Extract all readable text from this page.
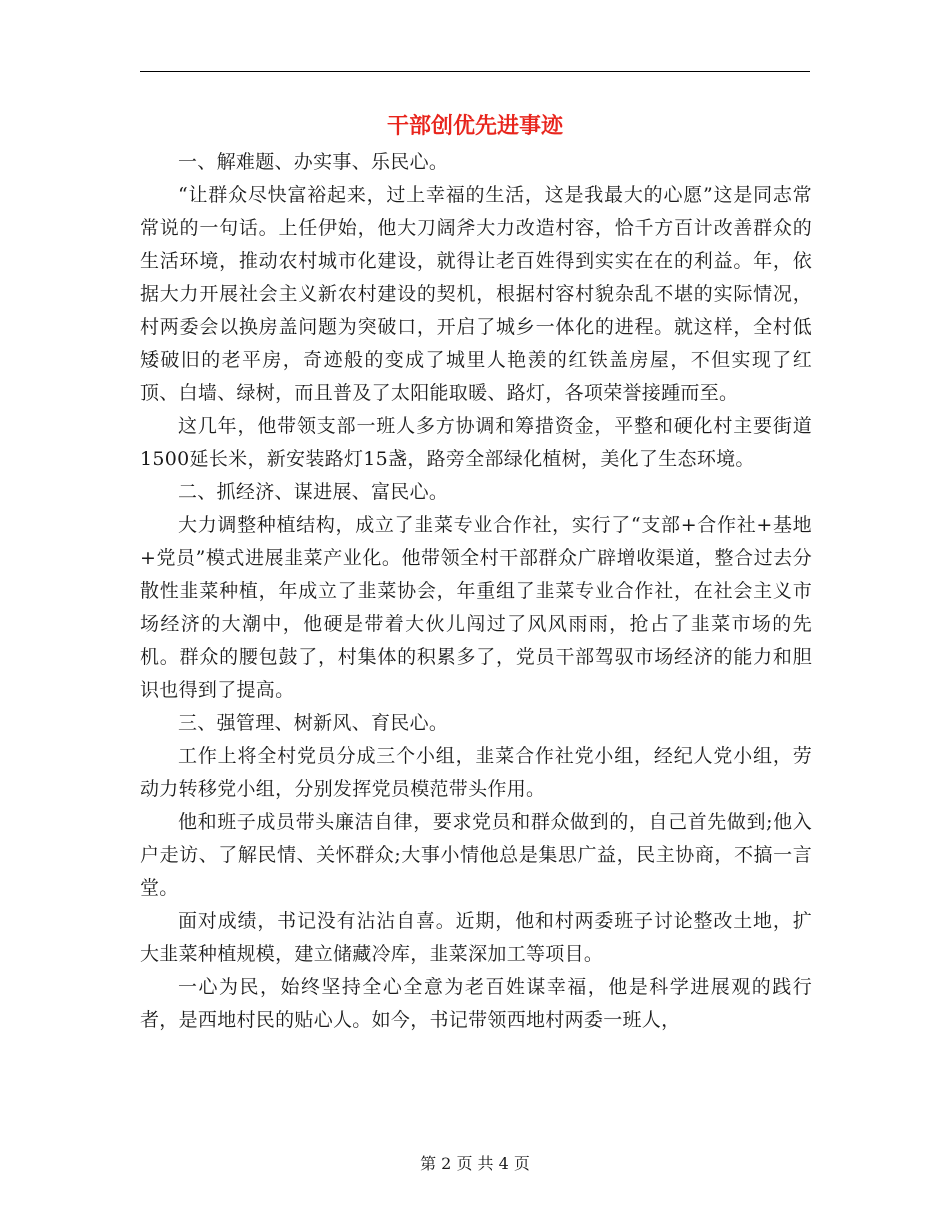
干部创优先进事迹

一、解难题、办实事、乐民心。

“让群众尽快富裕起来，过上幸福的生活，这是我最大的心愿”这是同志常常说的一句话。上任伊始，他大刀阔斧大力改造村容，恰千方百计改善群众的生活环境，推动农村城市化建设，就得让老百姓得到实实在在的利益。年，依据大力开展社会主义新农村建设的契机，根据村容村貌杂乱不堪的实际情况，村两委会以换房盖问题为突破口，开启了城乡一体化的进程。就这样，全村低矮破旧的老平房，奇迹般的变成了城里人艳羡的红铁盖房屋，不但实现了红顶、白墙、绿树，而且普及了太阳能取暖、路灯，各项荣誉接踵而至。

这几年，他带领支部一班人多方协调和筹措资金，平整和硬化村主要街道1500延长米，新安装路灯15盏，路旁全部绿化植树，美化了生态环境。

二、抓经济、谋进展、富民心。

大力调整种植结构，成立了韭菜专业合作社，实行了“支部+合作社+基地+党员”模式进展韭菜产业化。他带领全村干部群众广辟增收渠道，整合过去分散性韭菜种植，年成立了韭菜协会，年重组了韭菜专业合作社，在社会主义市场经济的大潮中，他硬是带着大伙儿闯过了风风雨雨，抢占了韭菜市场的先机。群众的腰包鼓了，村集体的积累多了，党员干部驾驭市场经济的能力和胆识也得到了提高。

三、强管理、树新风、育民心。

工作上将全村党员分成三个小组，韭菜合作社党小组，经纪人党小组，劳动力转移党小组，分别发挥党员模范带头作用。

他和班子成员带头廉洁自律，要求党员和群众做到的，自己首先做到;他入户走访、了解民情、关怀群众;大事小情他总是集思广益，民主协商，不搞一言堂。

面对成绩，书记没有沾沾自喜。近期，他和村两委班子讨论整改土地，扩大韭菜种植规模，建立储藏冷库，韭菜深加工等项目。

一心为民，始终坚持全心全意为老百姓谋幸福，他是科学进展观的践行者，是西地村民的贴心人。如今，书记带领西地村两委一班人，

第 2 页 共 4 页
